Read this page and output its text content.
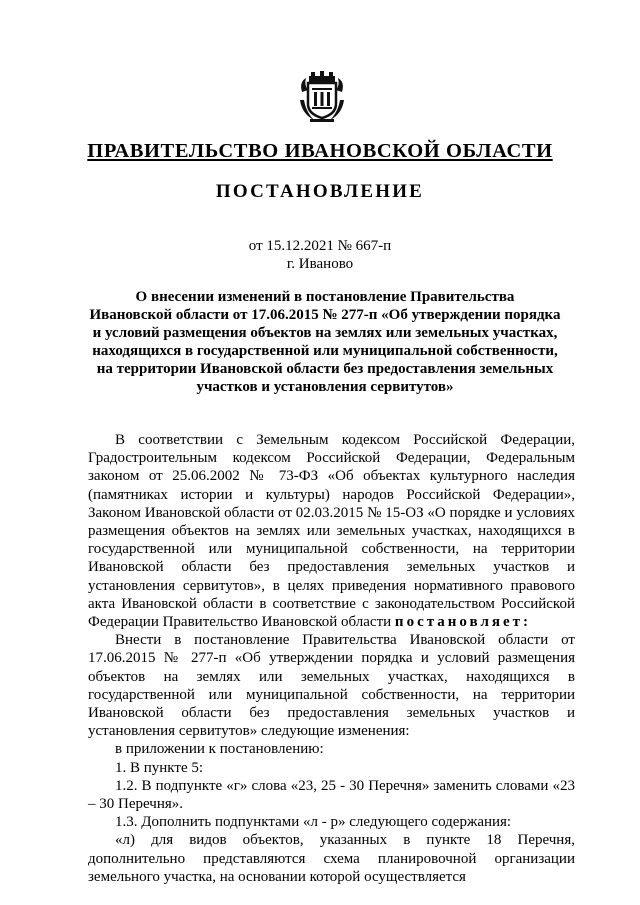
ПРАВИТЕЛЬСТВО ИВАНОВСКОЙ ОБЛАСТИ
ПОСТАНОВЛЕНИЕ
от 15.12.2021 № 667-п
г. Иваново
О внесении изменений в постановление Правительства
Ивановской области от 17.06.2015 № 277-п «Об утверждении порядка
и условий размещения объектов на землях или земельных участках,
находящихся в государственной или муниципальной собственности,
на территории Ивановской области без предоставления земельных
участков и установления сервитутов»

В соответствии с Земельным кодексом Российской Федерации, Градостроительным кодексом Российской Федерации, Федеральным законом от 25.06.2002 № 73-ФЗ «Об объектах культурного наследия (памятниках истории и культуры) народов Российской Федерации», Законом Ивановской области от 02.03.2015 № 15-ОЗ «О порядке и условиях размещения объектов на землях или земельных участках, находящихся в государственной или муниципальной собственности, на территории Ивановской области без предоставления земельных участков и установления сервитутов», в целях приведения нормативного правового акта Ивановской области в соответствие с законодательством Российской Федерации Правительство Ивановской области постановляет:

Внести в постановление Правительства Ивановской области от 17.06.2015 № 277-п «Об утверждении порядка и условий размещения объектов на землях или земельных участках, находящихся в государственной или муниципальной собственности, на территории Ивановской области без предоставления земельных участков и установления сервитутов» следующие изменения:

в приложении к постановлению:

1. В пункте 5:

1.2. В подпункте «г» слова «23, 25 - 30 Перечня» заменить словами «23 – 30 Перечня».

1.3. Дополнить подпунктами «л - р» следующего содержания:

«л) для видов объектов, указанных в пункте 18 Перечня, дополнительно представляются схема планировочной организации земельного участка, на основании которой осуществляется
